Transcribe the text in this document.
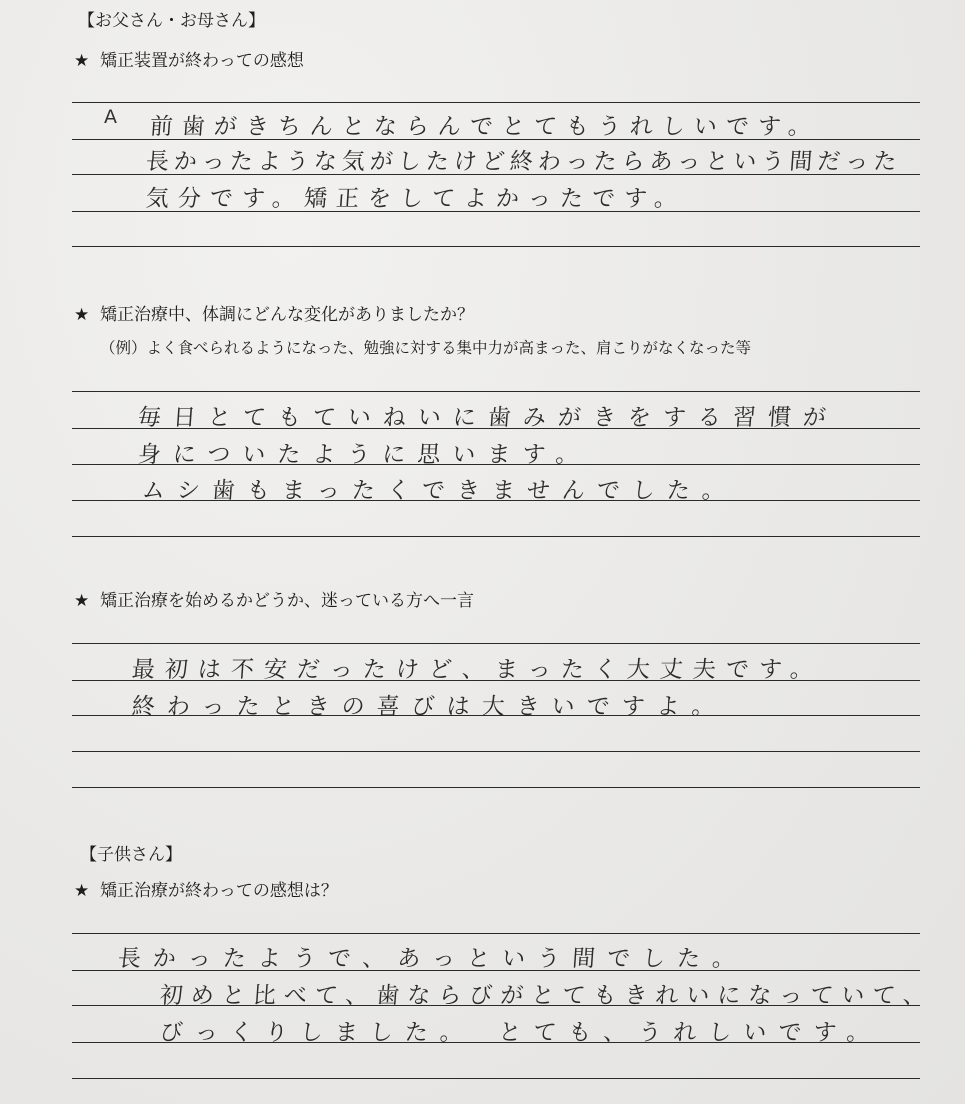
【お父さん・お母さん】
★ 矯正装置が終わっての感想
A 前歯がきちんとならんでとてもうれしいです。
長かったような気がしたけど終わったらあっという間だった
気分です。矯正をしてよかったです。
★ 矯正治療中、体調にどんな変化がありましたか？
（例）よく食べられるようになった、勉強に対する集中力が高まった、肩こりがなくなった等
毎日とてもていねいに歯みがきをする習慣が
身についたように思います。
ムシ歯もまったくできませんでした。
★ 矯正治療を始めるかどうか、迷っている方へ一言
最初は不安だったけど、まったく大丈夫です。
終わったときの喜びは大きいですよ。
【子供さん】
★ 矯正治療が終わっての感想は？
長かったようで、あっという間でした。
初めと比べて、歯ならびがとてもきれいになっていて、
びっくりしました。　とても、うれしいです。
